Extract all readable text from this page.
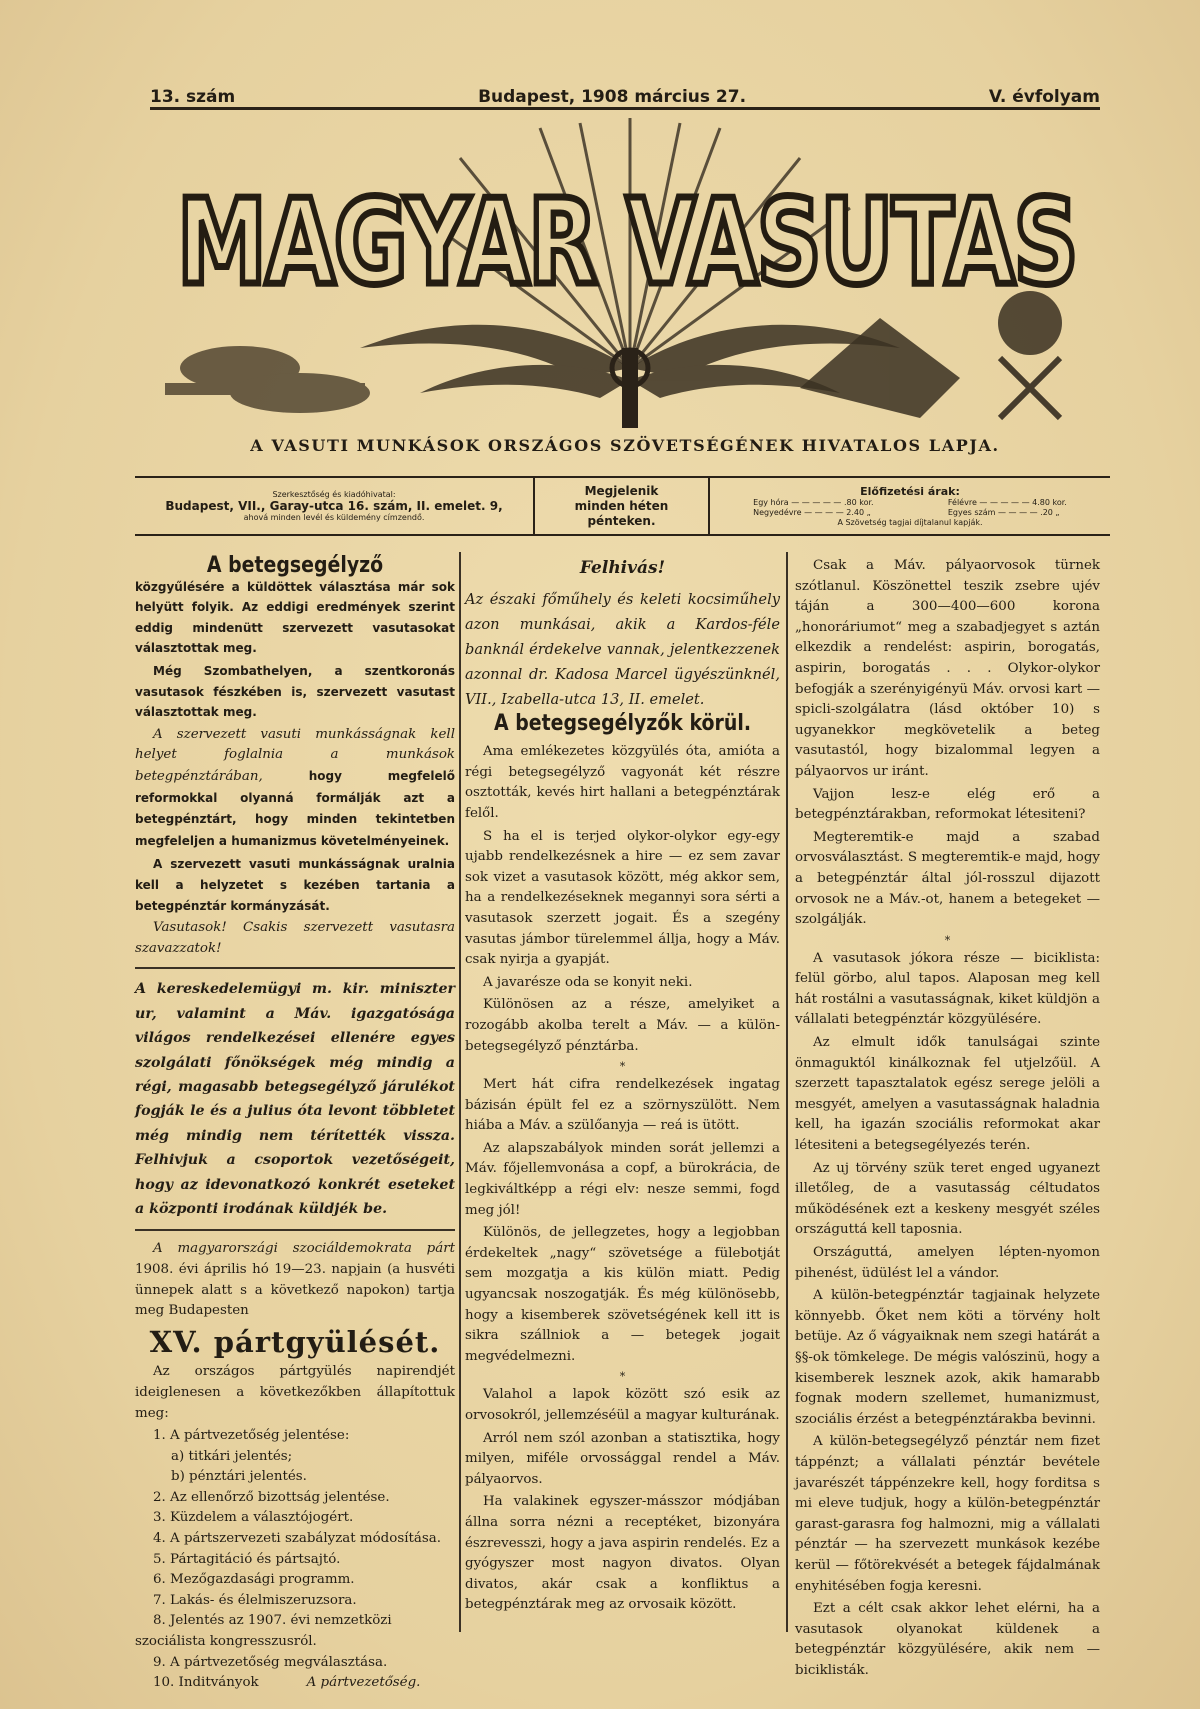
13. szám	Budapest, 1908 március 27.	V. évfolyam
MAGYAR VASUTAS
MAGYAR VASUTAS
A VASUTI MUNKÁSOK ORSZÁGOS SZÖVETSÉGÉNEK HIVATALOS LAPJA.
Szerkesztőség és kiadóhivatal:
Budapest, VII., Garay-utca 16. szám, II. emelet. 9,
ahová minden levél és küldemény címzendő.
Megjelenik
minden héten
pénteken.
Előfizetési árak:
Egy hóra — — — — — .80 kor.
Negyedévre — — — — 2.40 „
Félévre — — — — — 4.80 kor.
Egyes szám — — — — .20 „
A Szövetség tagjai díjtalanul kapják.
A betegsegélyző

közgyűlésére a küldöttek választása már sok helyütt folyik. Az eddigi eredmények szerint eddig mindenütt szervezett vasutasokat választottak meg.

Még Szombathelyen, a szentkoronás vasutasok fészkében is, szervezett vasutast választottak meg.

A szervezett vasuti munkásságnak kell helyet foglalnia a munkások betegpénztárában,	hogy megfelelő reformokkal olyanná formálják azt a betegpénztárt, hogy minden tekintetben megfeleljen a humanizmus követelményeinek.

A szervezett vasuti munkásságnak uralnia kell a helyzetet s kezében tartania a betegpénztár kormányzását.

Vasutasok! Csakis szervezett vasutasra szavazzatok!

A kereskedelemügyi m. kir. miniszter ur, valamint a Máv. igazgatósága világos rendelkezései ellenére egyes szolgálati főnökségek még mindig a régi, magasabb betegsegélyző járulékot fogják le és a julius óta levont többletet még mindig nem térítették vissza. Felhivjuk a csoportok vezetőségeit, hogy az idevonatkozó konkrét eseteket a központi irodának küldjék be.

A magyarországi szociáldemokrata párt 1908. évi április hó 19—23. napjain (a husvéti ünnepek alatt s a következő napokon) tartja meg Budapesten

XV. pártgyülését.

Az országos pártgyülés napirendjét ideiglenesen a következőkben állapítottuk meg:

1. A pártvezetőség jelentése:

a) titkári jelentés;

b) pénztári jelentés.

2. Az ellenőrző bizottság jelentése.

3. Küzdelem a választójogért.

4. A pártszervezeti szabályzat módosítása.

5. Pártagitáció és pártsajtó.

6. Mezőgazdasági programm.

7. Lakás- és élelmiszeruzsora.

8. Jelentés az 1907. évi nemzetközi szociálista kongresszusról.

9. A pártvezetőség megválasztása.

10. Inditványok	A pártvezetőség.

Felhivás!

Az északi főműhely és keleti kocsiműhely azon munkásai, akik a Kardos-féle banknál érdekelve vannak, jelentkezzenek azonnal dr. Kadosa Marcel ügyészünknél, VII., Izabella-utca 13, II. emelet.

A betegsegélyzők körül.

Ama emlékezetes közgyülés óta, amióta a régi betegsegélyző vagyonát két részre osztották, kevés hirt hallani a betegpénztárak felől.

S ha el is terjed olykor-olykor egy-egy ujabb rendelkezésnek a hire — ez sem zavar sok vizet a vasutasok között, még akkor sem, ha a rendelkezéseknek megannyi sora sérti a vasutasok szerzett jogait. És a szegény vasutas jámbor türelemmel állja, hogy a Máv. csak nyirja a gyapját.

A javarésze oda se konyit neki.

Különösen az a része, amelyiket a rozogább akolba terelt a Máv. — a külön-betegsegélyző pénztárba.

*

Mert hát cifra rendelkezések ingatag bázisán épült fel ez a szörnyszülött. Nem hiába a Máv. a szülőanyja — reá is ütött.

Az alapszabályok minden sorát jellemzi a Máv. főjellemvonása a copf, a bürokrácia, de legkiváltképp a régi elv: nesze semmi, fogd meg jól!

Különös, de jellegzetes, hogy a legjobban érdekeltek „nagy“ szövetsége a fülebotját sem mozgatja a kis külön miatt. Pedig ugyancsak noszogatják. És még különösebb, hogy a kisemberek szövetségének kell itt is sikra szállniok a — betegek jogait megvédelmezni.

*

Valahol a lapok között szó esik az orvosokról, jellemzéséül a magyar kulturának.

Arról nem szól azonban a statisztika, hogy milyen, miféle orvossággal rendel a Máv. pályaorvos.

Ha valakinek egyszer-másszor módjában állna sorra nézni a receptéket, bizonyára észrevesszi, hogy a java aspirin rendelés. Ez a gyógyszer most nagyon divatos. Olyan divatos, akár csak a konfliktus a betegpénztárak meg az orvosaik között.

Csak a Máv. pályaorvosok türnek szótlanul. Köszönettel teszik zsebre ujév táján a 300—400—600 korona „honoráriumot“ meg a szabadjegyet s aztán elkezdik a rendelést: aspirin, borogatás, aspirin, borogatás . . . Olykor-olykor befogják a szerényigényü Máv. orvosi kart — spicli-szolgálatra (lásd október 10) s ugyanekkor megkövetelik a beteg vasutastól, hogy bizalommal legyen a pályaorvos ur iránt.

Vajjon lesz-e elég erő a betegpénztárakban, reformokat létesiteni?

Megteremtik-e majd a szabad orvosválasztást. S megteremtik-e majd, hogy a betegpénztár által jól-rosszul dijazott orvosok ne a Máv.-ot, hanem a betegeket — szolgálják.

*

A vasutasok jókora része — biciklista: felül görbo, alul tapos. Alaposan meg kell hát rostálni a vasutasságnak, kiket küldjön a vállalati betegpénztár közgyülésére.

Az elmult idők tanulságai szinte önmaguktól kinálkoznak fel utjelzőül. A szerzett tapasztalatok egész serege jelöli a mesgyét, amelyen a vasutasságnak haladnia kell, ha igazán szociális reformokat akar létesiteni a betegsegélyezés terén.

Az uj törvény szük teret enged ugyanezt illetőleg, de a vasutasság céltudatos működésének ezt a keskeny mesgyét széles országuttá kell taposnia.

Országuttá, amelyen lépten-nyomon pihenést, üdülést lel a vándor.

A külön-betegpénztár tagjainak helyzete könnyebb. Őket nem köti a törvény holt betüje. Az ő vágyaiknak nem szegi határát a §§-ok tömkelege. De mégis valószinü, hogy a kisemberek lesznek azok, akik hamarabb fognak modern szellemet, humanizmust, szociális érzést a betegpénztárakba bevinni.

A külön-betegsegélyző pénztár nem fizet táppénzt; a vállalati pénztár bevétele javarészét táppénzekre kell, hogy forditsa s mi eleve tudjuk, hogy a külön-betegpénztár garast-garasra fog halmozni, mig a vállalati pénztár — ha szervezett munkások kezébe kerül — főtörekvését a betegek fájdalmának enyhitésében fogja keresni.

Ezt a célt csak akkor lehet elérni, ha a vasutasok olyanokat küldenek a betegpénztár közgyülésére, akik nem — biciklisták.
